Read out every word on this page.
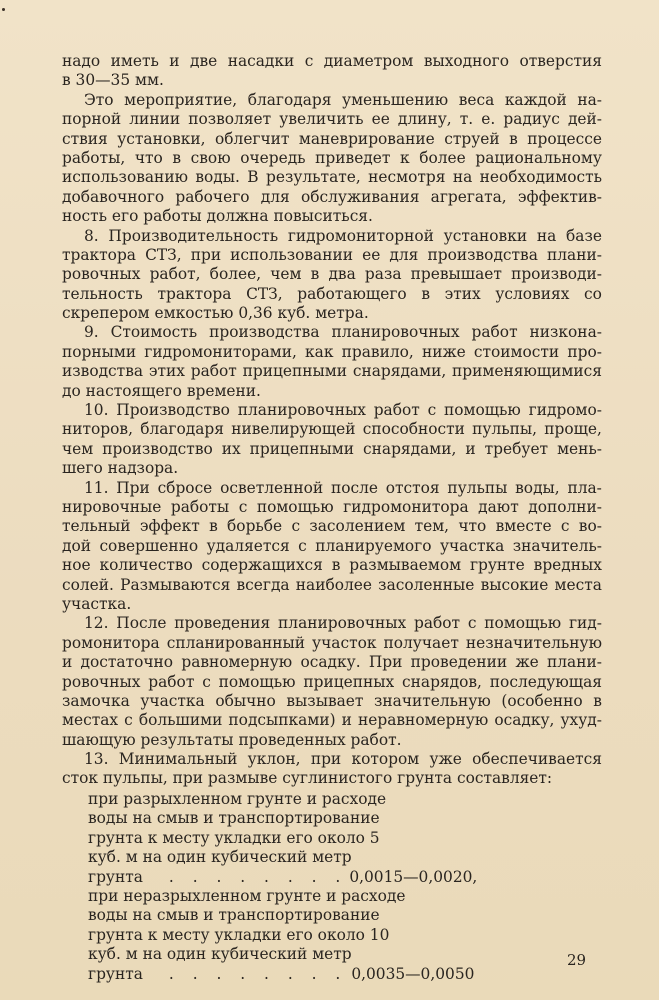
надо иметь и две насадки с диаметром выходного отверстия
в 30—35 мм.
Это мероприятие, благодаря уменьшению веса каждой на-
порной линии позволяет увеличить ее длину, т. е. радиус дей-
ствия установки, облегчит маневрирование струей в процессе
работы, что в свою очередь приведет к более рациональному
использованию воды. В результате, несмотря на необходимость
добавочного рабочего для обслуживания агрегата, эффектив-
ность его работы должна повыситься.
8. Производительность гидромониторной установки на базе
трактора СТЗ, при использовании ее для производства плани-
ровочных работ, более, чем в два раза превышает производи-
тельность трактора СТЗ, работающего в этих условиях со
скрепером емкостью 0,36 куб. метра.
9. Стоимость производства планировочных работ низкона-
порными гидромониторами, как правило, ниже стоимости про-
изводства этих работ прицепными снарядами, применяющимися
до настоящего времени.
10. Производство планировочных работ с помощью гидромо-
ниторов, благодаря нивелирующей способности пульпы, проще,
чем производство их прицепными снарядами, и требует мень-
шего надзора.
11. При сбросе осветленной после отстоя пульпы воды, пла-
нировочные работы с помощью гидромонитора дают дополни-
тельный эффект в борьбе с засолением тем, что вместе с во-
дой совершенно удаляется с планируемого участка значитель-
ное количество содержащихся в размываемом грунте вредных
солей. Размываются всегда наиболее засоленные высокие места
участка.
12. После проведения планировочных работ с помощью гид-
ромонитора спланированный участок получает незначительную
и достаточно равномерную осадку. При проведении же плани-
ровочных работ с помощью прицепных снарядов, последующая
замочка участка обычно вызывает значительную (особенно в
местах с большими подсыпками) и неравномерную осадку, ухуд-
шающую результаты проведенных работ.
13. Минимальный уклон, при котором уже обеспечивается
сток пульпы, при размыве суглинистого грунта составляет:
при разрыхленном грунте и расходе
воды на смыв и транспортирование
грунта к месту укладки его около 5
куб. м на один кубический метр
грунта . . . . . . . . 0,0015—0,0020,
при неразрыхленном грунте и расходе
воды на смыв и транспортирование
грунта к месту укладки его около 10
куб. м на один кубический метр
грунта . . . . . . . . 0,0035—0,0050
29
